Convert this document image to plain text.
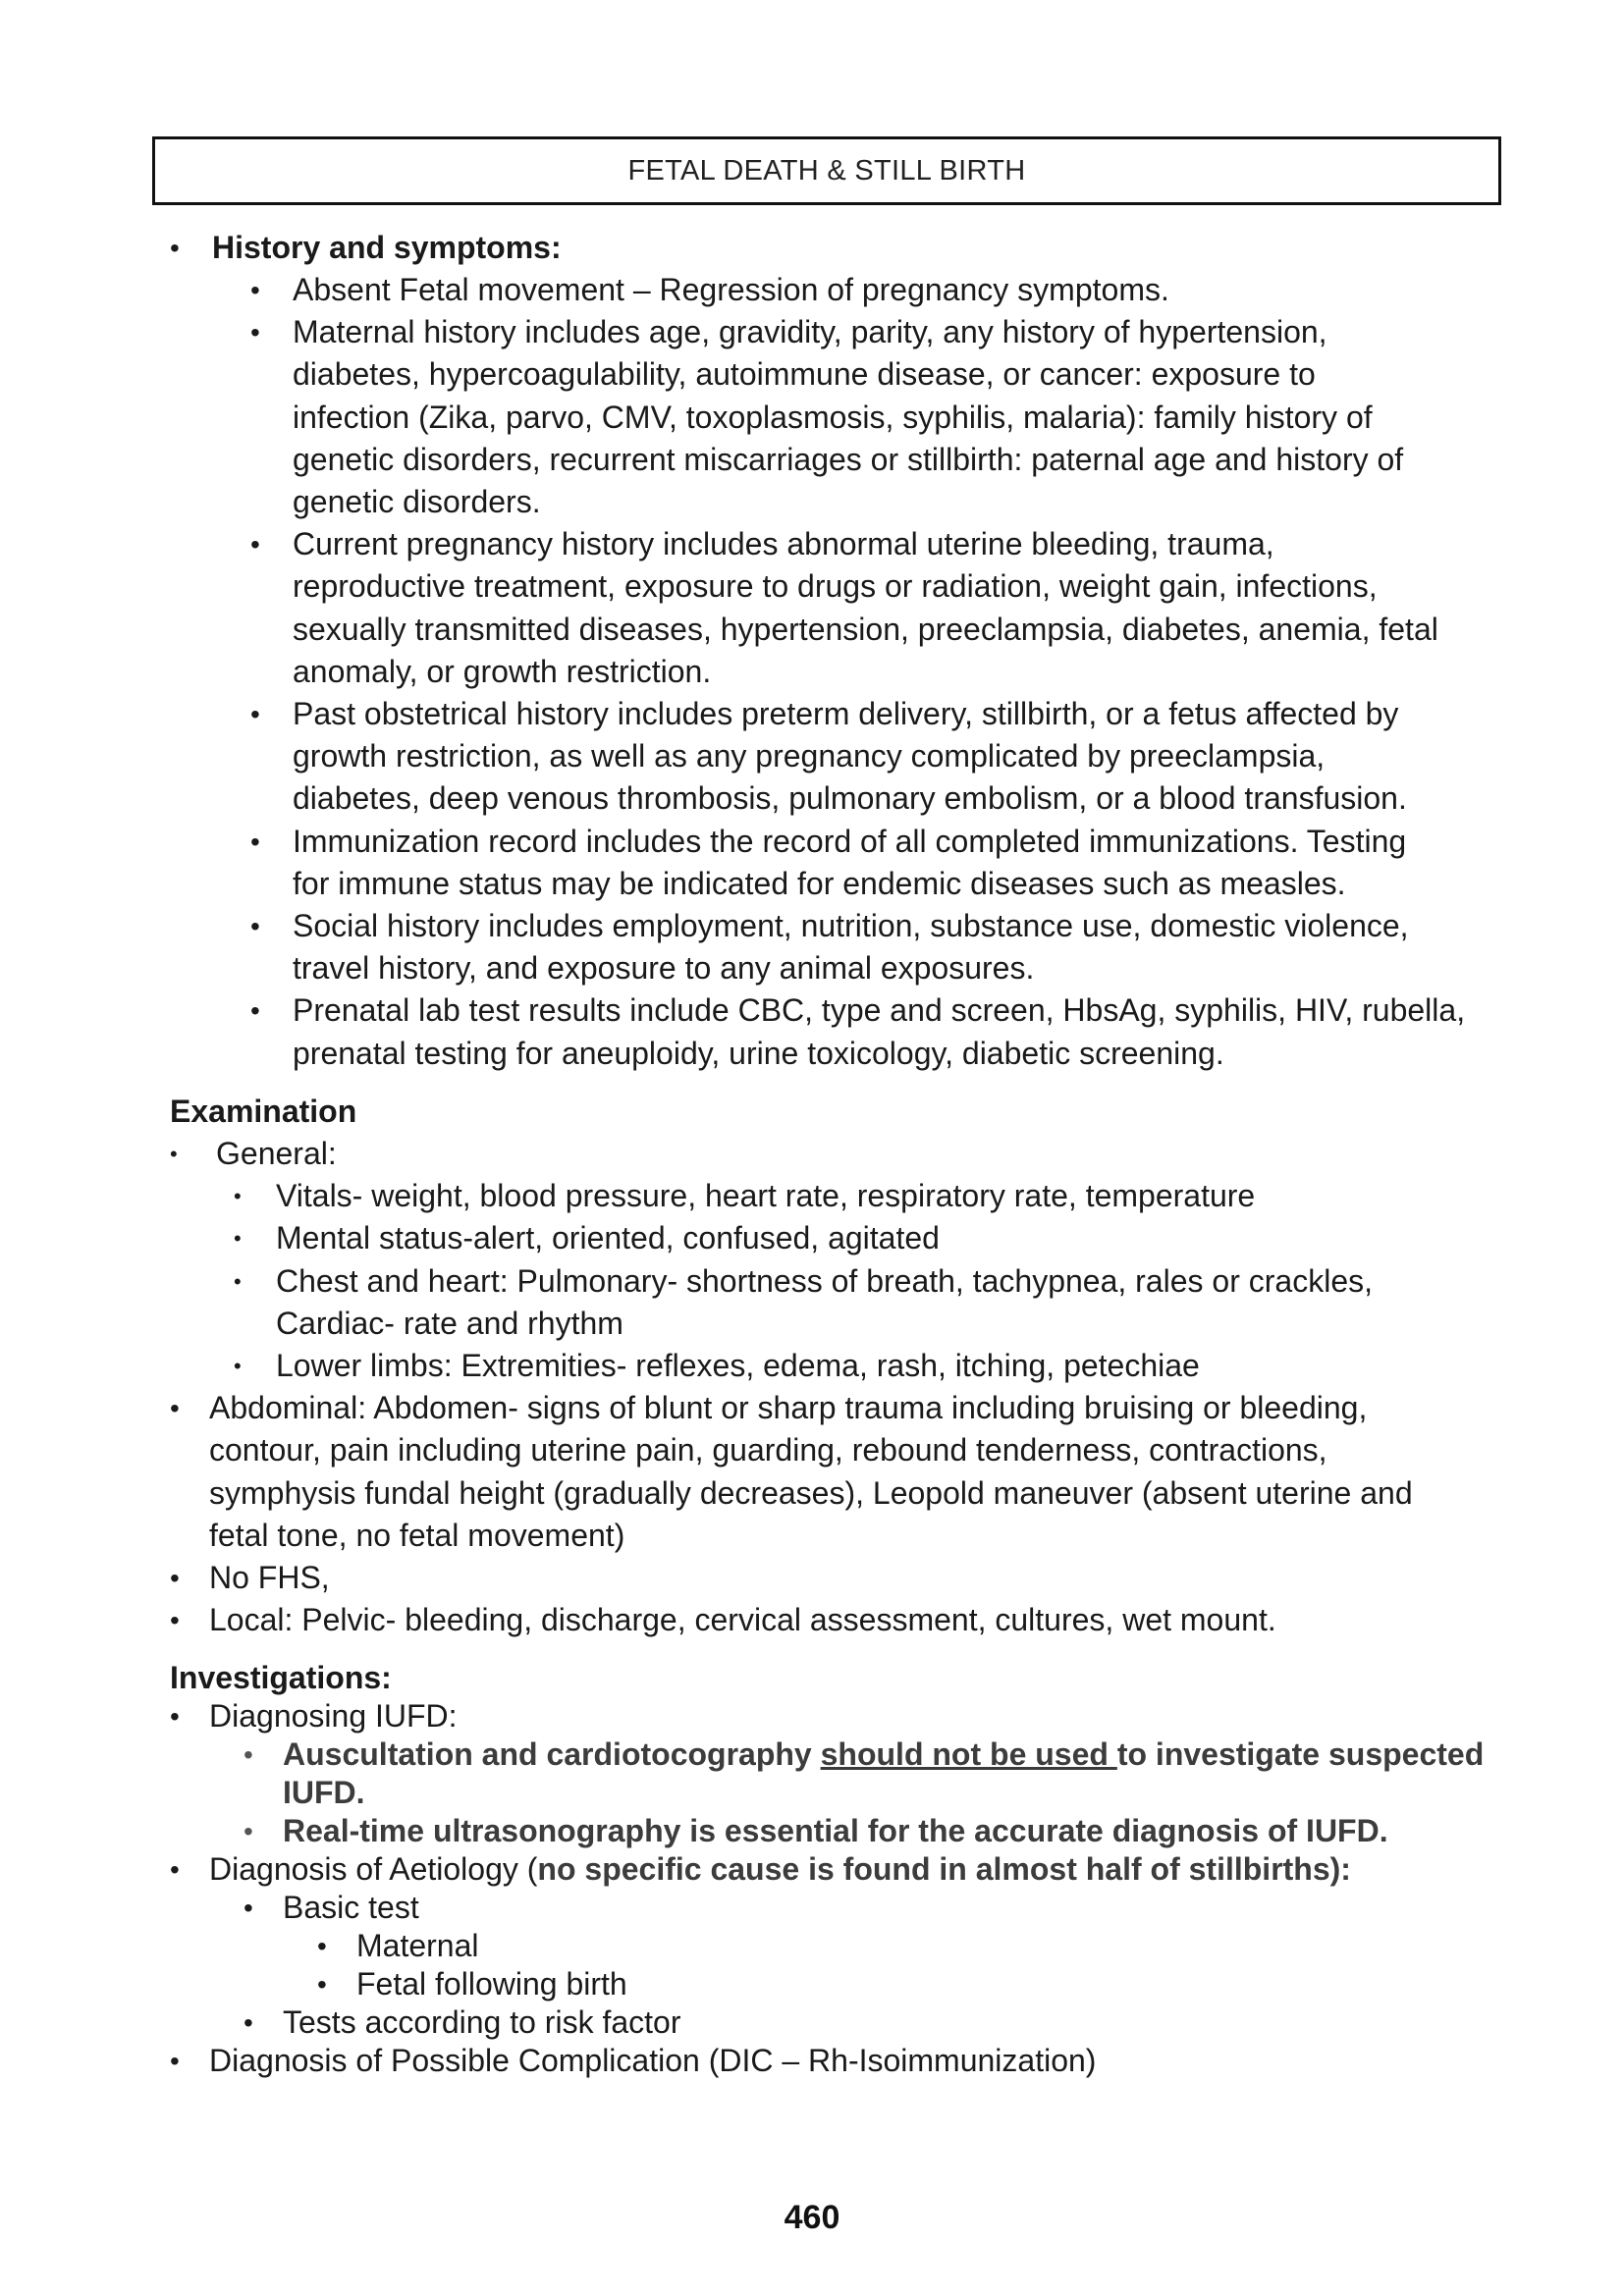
FETAL DEATH & STILL BIRTH
• History and symptoms:
• Absent Fetal movement – Regression of pregnancy symptoms.
• Maternal history includes age, gravidity, parity, any history of hypertension,
diabetes, hypercoagulability, autoimmune disease, or cancer: exposure to
infection (Zika, parvo, CMV, toxoplasmosis, syphilis, malaria): family history of
genetic disorders, recurrent miscarriages or stillbirth: paternal age and history of
genetic disorders.
• Current pregnancy history includes abnormal uterine bleeding, trauma,
reproductive treatment, exposure to drugs or radiation, weight gain, infections,
sexually transmitted diseases, hypertension, preeclampsia, diabetes, anemia, fetal
anomaly, or growth restriction.
• Past obstetrical history includes preterm delivery, stillbirth, or a fetus affected by
growth restriction, as well as any pregnancy complicated by preeclampsia,
diabetes, deep venous thrombosis, pulmonary embolism, or a blood transfusion.
• Immunization record includes the record of all completed immunizations. Testing
for immune status may be indicated for endemic diseases such as measles.
• Social history includes employment, nutrition, substance use, domestic violence,
travel history, and exposure to any animal exposures.
• Prenatal lab test results include CBC, type and screen, HbsAg, syphilis, HIV, rubella,
prenatal testing for aneuploidy, urine toxicology, diabetic screening.
Examination
• General:
• Vitals- weight, blood pressure, heart rate, respiratory rate, temperature
• Mental status-alert, oriented, confused, agitated
• Chest and heart: Pulmonary- shortness of breath, tachypnea, rales or crackles,
Cardiac- rate and rhythm
• Lower limbs: Extremities- reflexes, edema, rash, itching, petechiae
• Abdominal: Abdomen- signs of blunt or sharp trauma including bruising or bleeding,
contour, pain including uterine pain, guarding, rebound tenderness, contractions,
symphysis fundal height (gradually decreases), Leopold maneuver (absent uterine and
fetal tone, no fetal movement)
• No FHS,
• Local: Pelvic- bleeding, discharge, cervical assessment, cultures, wet mount.
Investigations:
• Diagnosing IUFD:
• Auscultation and cardiotocography should not be used to investigate suspected
IUFD.
• Real-time ultrasonography is essential for the accurate diagnosis of IUFD.
• Diagnosis of Aetiology (no specific cause is found in almost half of stillbirths):
• Basic test
• Maternal
• Fetal following birth
• Tests according to risk factor
• Diagnosis of Possible Complication (DIC – Rh-Isoimmunization)
460
